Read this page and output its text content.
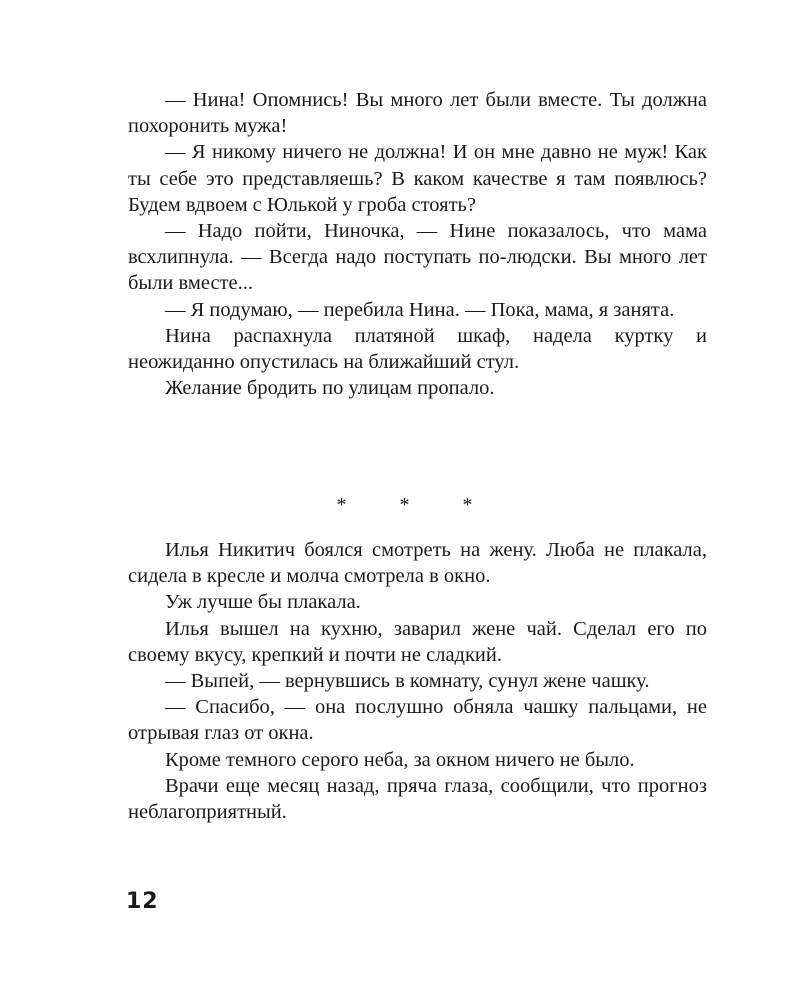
— Нина! Опомнись! Вы много лет были вместе. Ты должна похоронить мужа!

— Я никому ничего не должна! И он мне давно не муж! Как ты себе это представляешь? В каком качестве я там появлюсь? Будем вдвоем с Юлькой у гроба стоять?

— Надо пойти, Ниночка, — Нине показалось, что мама всхлипнула. — Всегда надо поступать по-людски. Вы много лет были вместе...

— Я подумаю, — перебила Нина. — Пока, мама, я занята.

Нина распахнула платяной шкаф, надела куртку и неожиданно опустилась на ближайший стул.

Желание бродить по улицам пропало.

* * *

Илья Никитич боялся смотреть на жену. Люба не плакала, сидела в кресле и молча смотрела в окно.

Уж лучше бы плакала.

Илья вышел на кухню, заварил жене чай. Сделал его по своему вкусу, крепкий и почти не сладкий.

— Выпей, — вернувшись в комнату, сунул жене чашку.

— Спасибо, — она послушно обняла чашку пальцами, не отрывая глаз от окна.

Кроме темного серого неба, за окном ничего не было.

Врачи еще месяц назад, пряча глаза, сообщили, что прогноз неблагоприятный.

12
